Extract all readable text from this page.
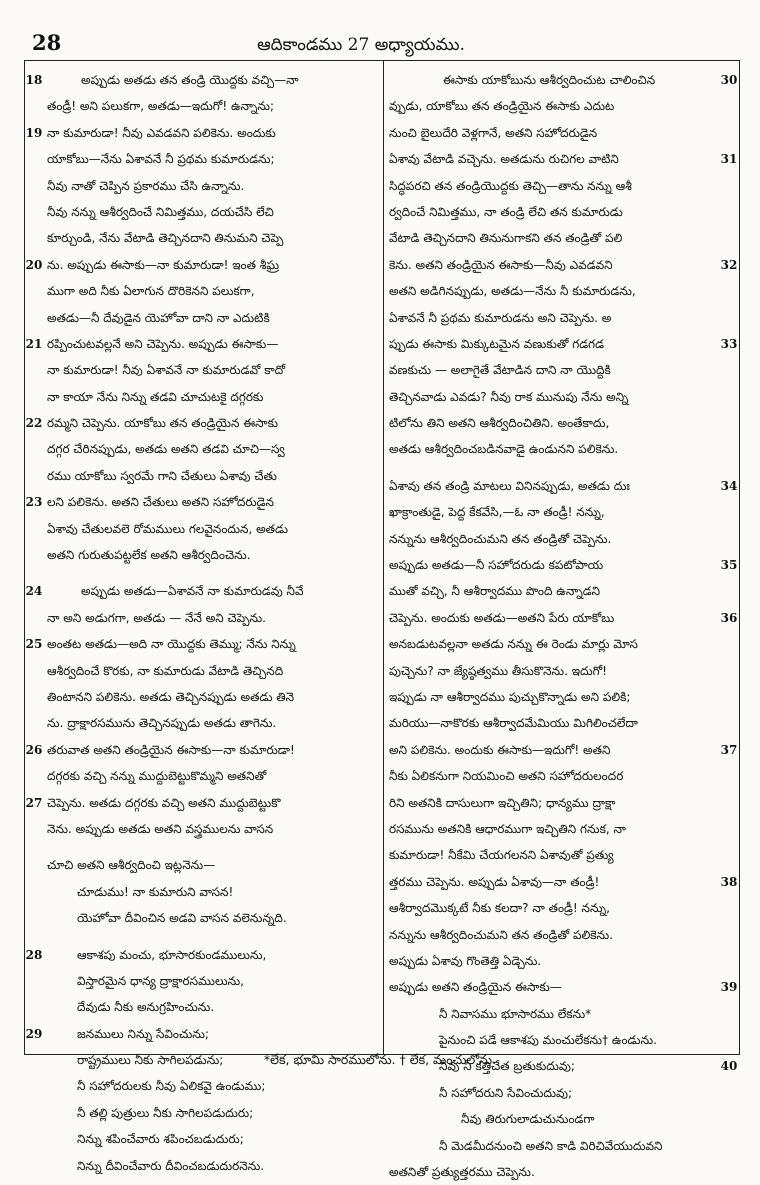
28	ఆదికాండము 27 అధ్యాయము.
18	అప్పుడు అతడు తన తండ్రి యొద్దకు వచ్చి—నా
తండ్రీ! అని పలుకగా, అతడు—ఇదుగో! ఉన్నాను;
19 నా కుమారుడా! నీవు ఎవడవని పలికెను. అందుకు
యాకోబు—నేను ఏశావనే నీ ప్రథమ కుమారుడను;
నీవు నాతో చెప్పిన ప్రకారము చేసి ఉన్నాను.
నీవు నన్ను ఆశీర్వదించే నిమిత్తము, దయచేసి లేచి
కూర్చుండి, నేను వేటాడి తెచ్చినదాని తినుమని చెప్పె
20 ను. అప్పుడు ఈసాకు—నా కుమారుడా! ఇంత శీఘ్ర
ముగా అది నీకు ఏలాగున దొరికెనని పలుకగా,
అతడు—నీ దేవుడైన యెహోవా దాని నా ఎదుటికి
21 రప్పించుటవల్లనే అని చెప్పెను. అప్పుడు ఈసాకు—
నా కుమారుడా! నీవు ఏశావనే నా కుమారుడవో కాదో
నా కాయా నేను నిన్ను తడవి చూచుటకై దగ్గరకు
22 రమ్మని చెప్పెను. యాకోబు తన తండ్రియైన ఈసాకు
దగ్గర చేరినప్పుడు, అతడు అతని తడవి చూచి—స్వ
రము యాకోబు స్వరమే గాని చేతులు ఏశావు చేతు
23 లని పలికెను. అతని చేతులు అతని సహోదరుడైన
ఏశావు చేతులవలె రోమములు గలవైనందున, అతడు
అతని గురుతుపట్టలేక అతని ఆశీర్వదించెను.
24	అప్పుడు అతడు—ఏశావనే నా కుమారుడవు నీవే
నా అని అడుగగా, అతడు — నేనే అని చెప్పెను.
25 అంతట అతడు—అది నా యొద్దకు తెమ్ము; నేను నిన్ను
ఆశీర్వదించే కొరకు, నా కుమారుడు వేటాడి తెచ్చినది
తింటానని పలికెను. అతడు తెచ్చినప్పుడు అతడు తినె
ను. ద్రాక్షారసమును తెచ్చినప్పుడు అతడు తాగెను.
26 తరువాత అతని తండ్రియైన ఈసాకు—నా కుమారుడా!
దగ్గరకు వచ్చి నన్ను ముద్దుబెట్టుకొమ్మని అతనితో
27 చెప్పెను. అతడు దగ్గరకు వచ్చి అతని ముద్దుబెట్టుకొ
నెను. అప్పుడు అతడు అతని వస్త్రములను వాసన
చూచి అతని ఆశీర్వదించి ఇట్లనెను—
చూడుము! నా కుమారుని వాసన!
యెహోవా దీవించిన అడవి వాసన వలెనున్నది.
28	ఆకాశపు మంచు, భూసారకుండములును,
విస్తారమైన ధాన్య ద్రాక్షారసములును,
దేవుడు నీకు అనుగ్రహించును.
29	జనములు నిన్ను సేవించును;
రాష్ట్రములు నీకు సాగిలపడును;
నీ సహోదరులకు నీవు ఏలికవై ఉండుము;
నీ తల్లి పుత్రులు నీకు సాగిలపడుదురు;
నిన్ను శపించేవారు శపించబడుదురు;
నిన్ను దీవించేవారు దీవించబడుదురనెను.
30
ఈసాకు యాకోబును ఆశీర్వదించుట చాలించిన
వ్పుడు, యాకోబు తన తండ్రియైన ఈసాకు ఎదుట
నుంచి బైలుదేరి వెళ్లగానే, అతని సహోదరుడైన
31
ఏశావు వేటాడి వచ్చెను. అతడును రుచిగల వాటిని
సిద్ధపరచి తన తండ్రియొద్దకు తెచ్చి—తాను నన్ను ఆశీ
ర్వదించే నిమిత్తము, నా తండ్రి లేచి తన కుమారుడు
వేటాడి తెచ్చినదాని తినునుగాకని తన తండ్రితో పలి
32
కెను. అతని తండ్రియైన ఈసాకు—నీవు ఎవడవని
అతని అడిగినప్పుడు, అతడు—నేను నీ కుమారుడను,
ఏశావనే నీ ప్రథమ కుమారుడను అని చెప్పెను. అ
33
ప్పుడు ఈసాకు మిక్కుటమైన వణుకుతో గడగడ
వణకుచు — అలాగైతే వేటాడిన దాని నా యొద్దికి
తెచ్చినవాడు ఎవడు? నీవు రాక మునుపు నేను అన్ని
టిలోను తిని అతని ఆశీర్వదించితిని. అంతేకాదు,
అతడు ఆశీర్వదించబడినవాడై ఉండునని పలికెను.
34
ఏశావు తన తండ్రి మాటలు వినినప్పుడు, అతడు దుః
ఖాక్రాంతుడై, పెద్ద కేకవేసి,—ఓ నా తండ్రీ! నన్ను,
నన్నును ఆశీర్వదించుమని తన తండ్రితో చెప్పెను.
35
అప్పుడు అతడు—నీ సహోదరుడు కపటోపాయ
ముతో వచ్చి, నీ ఆశీర్వాదము పొంది ఉన్నాడని
36
చెప్పెను. అందుకు అతడు—అతని పేరు యాకోబు
అనబడుటవల్లనా అతడు నన్ను ఈ రెండు మార్లు మోస
పుచ్చెను? నా జ్యేష్ఠత్వము తీసుకొనెను. ఇదుగో!
ఇప్పుడు నా ఆశీర్వాదము పుచ్చుకొన్నాడు అని పలికి;
మరియు—నాకొరకు ఆశీర్వాదమేమియు మిగిలించలేదా
37
అని పలికెను. అందుకు ఈసాకు—ఇదుగో! అతని
నీకు ఏలికనుగా నియమించి అతని సహోదరులందర
రిని అతనికి దాసులుగా ఇచ్చితిని; ధాన్యము ద్రాక్షా
రసమును అతనికి ఆధారముగా ఇచ్చితిని గనుక, నా
కుమారుడా! నీకేమి చేయగలనని ఏశావుతో ప్రత్యు
38
త్తరము చెప్పెను. అప్పుడు ఏశావు—నా తండ్రీ!
ఆశీర్వాదమొక్కటే నీకు కలదా? నా తండ్రీ! నన్ను,
నన్నును ఆశీర్వదించుమని తన తండ్రితో పలికెను.
అప్పుడు ఏశావు గొంతెత్తి ఏడ్చెను.
39
అప్పుడు అతని తండ్రియైన ఈసాకు—
నీ నివాసము భూసారము లేకను*
పైనుంచి పడే ఆకాశపు మంచులేకను† ఉండును.
40
నీవు నీ కత్తిచేత బ్రతుకుదువు;
నీ సహోదరుని సేవించుదువు;
నీవు తిరుగులాడుచునుండగా
నీ మెడమీదనుంచి అతని కాడి విరిచివేయుదువని
అతనితో ప్రత్యుత్తరము చెప్పెను.
*లేక, భూమి సారములోను. † లేక, మంచులోను.
